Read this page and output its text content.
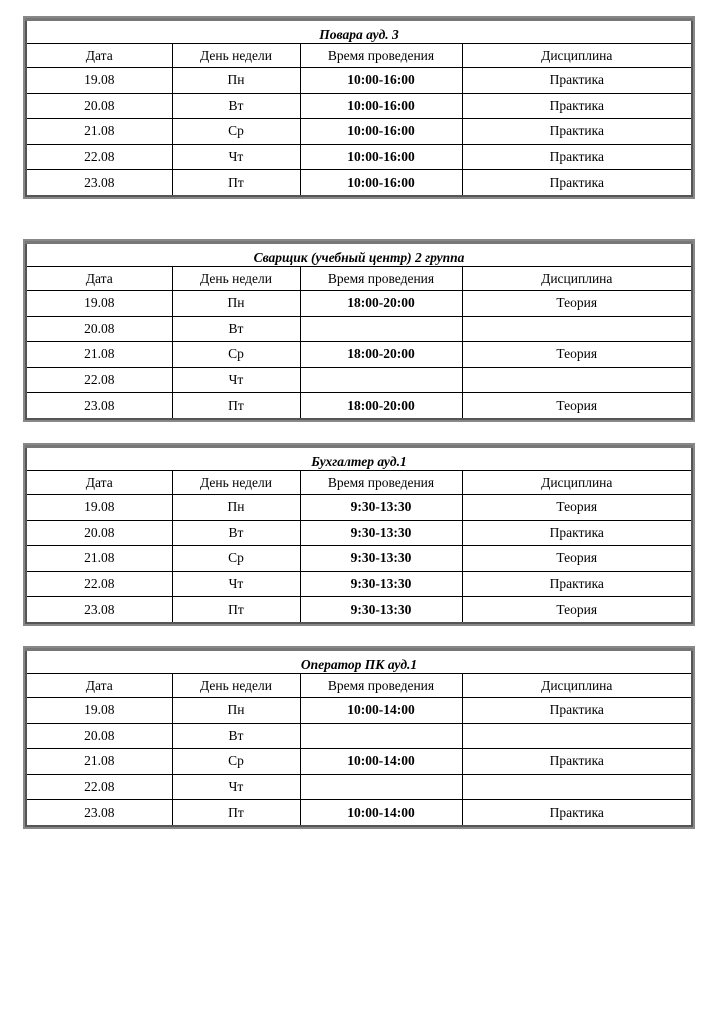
Повара ауд. 3			
Дата	День недели	Время проведения	Дисциплина
19.08	Пн	10:00-16:00	Практика
20.08	Вт	10:00-16:00	Практика
21.08	Ср	10:00-16:00	Практика
22.08	Чт	10:00-16:00	Практика
23.08	Пт	10:00-16:00	Практика
Сварщик (учебный центр) 2 группа			
Дата	День недели	Время проведения	Дисциплина
19.08	Пн	18:00-20:00	Теория
20.08	Вт		
21.08	Ср	18:00-20:00	Теория
22.08	Чт		
23.08	Пт	18:00-20:00	Теория
Бухгалтер ауд.1			
Дата	День недели	Время проведения	Дисциплина
19.08	Пн	9:30-13:30	Теория
20.08	Вт	9:30-13:30	Практика
21.08	Ср	9:30-13:30	Теория
22.08	Чт	9:30-13:30	Практика
23.08	Пт	9:30-13:30	Теория
Оператор ПК ауд.1			
Дата	День недели	Время проведения	Дисциплина
19.08	Пн	10:00-14:00	Практика
20.08	Вт		
21.08	Ср	10:00-14:00	Практика
22.08	Чт		
23.08	Пт	10:00-14:00	Практика
